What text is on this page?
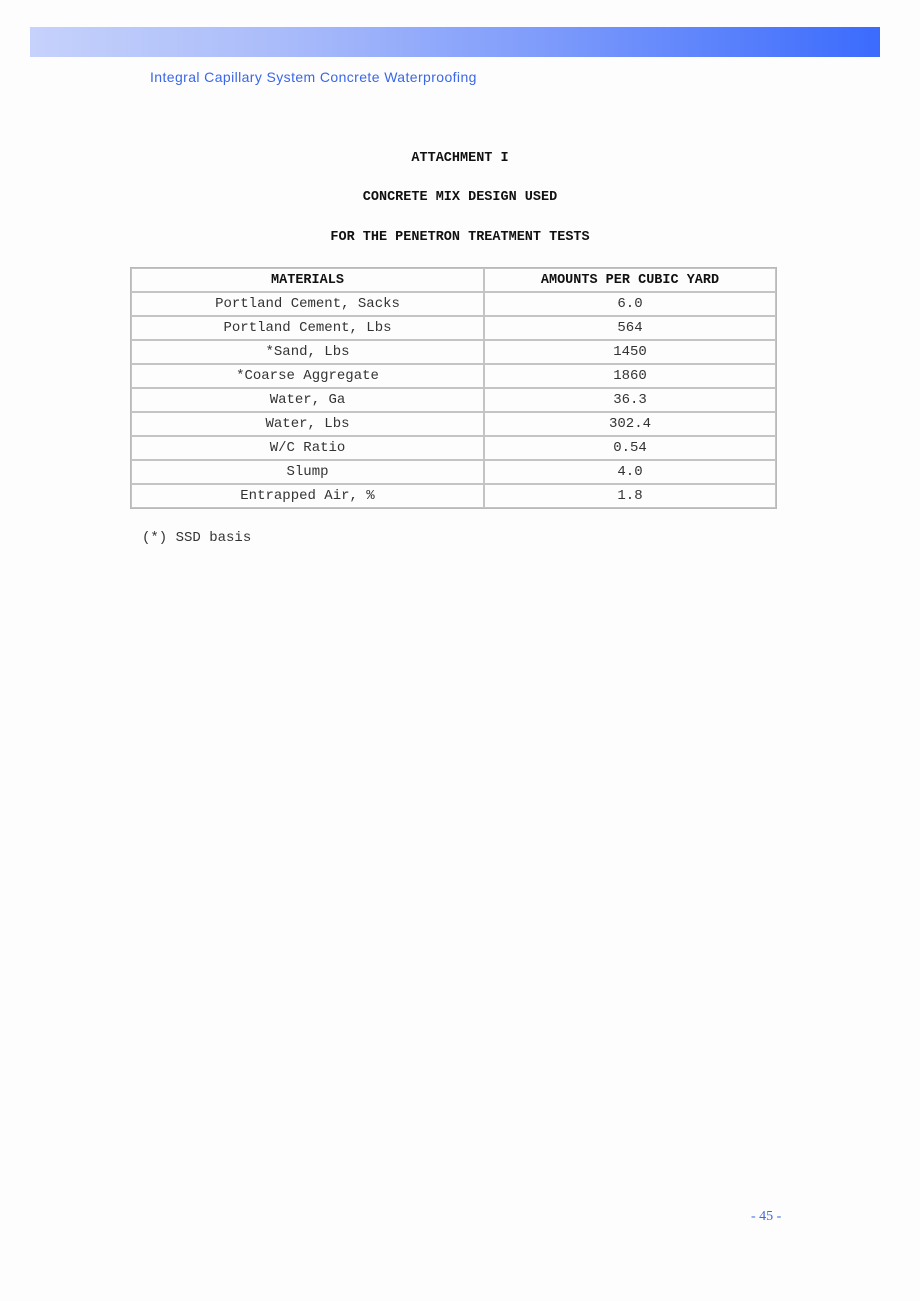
Integral Capillary System Concrete Waterproofing
ATTACHMENT I
CONCRETE MIX DESIGN USED
FOR THE PENETRON TREATMENT TESTS
MATERIALS	AMOUNTS PER CUBIC YARD
Portland Cement, Sacks	6.0
Portland Cement, Lbs	564
*Sand, Lbs	1450
*Coarse Aggregate	1860
Water, Ga	36.3
Water, Lbs	302.4
W/C Ratio	0.54
Slump	4.0
Entrapped Air, %	1.8
(*) SSD basis
- 45 -
